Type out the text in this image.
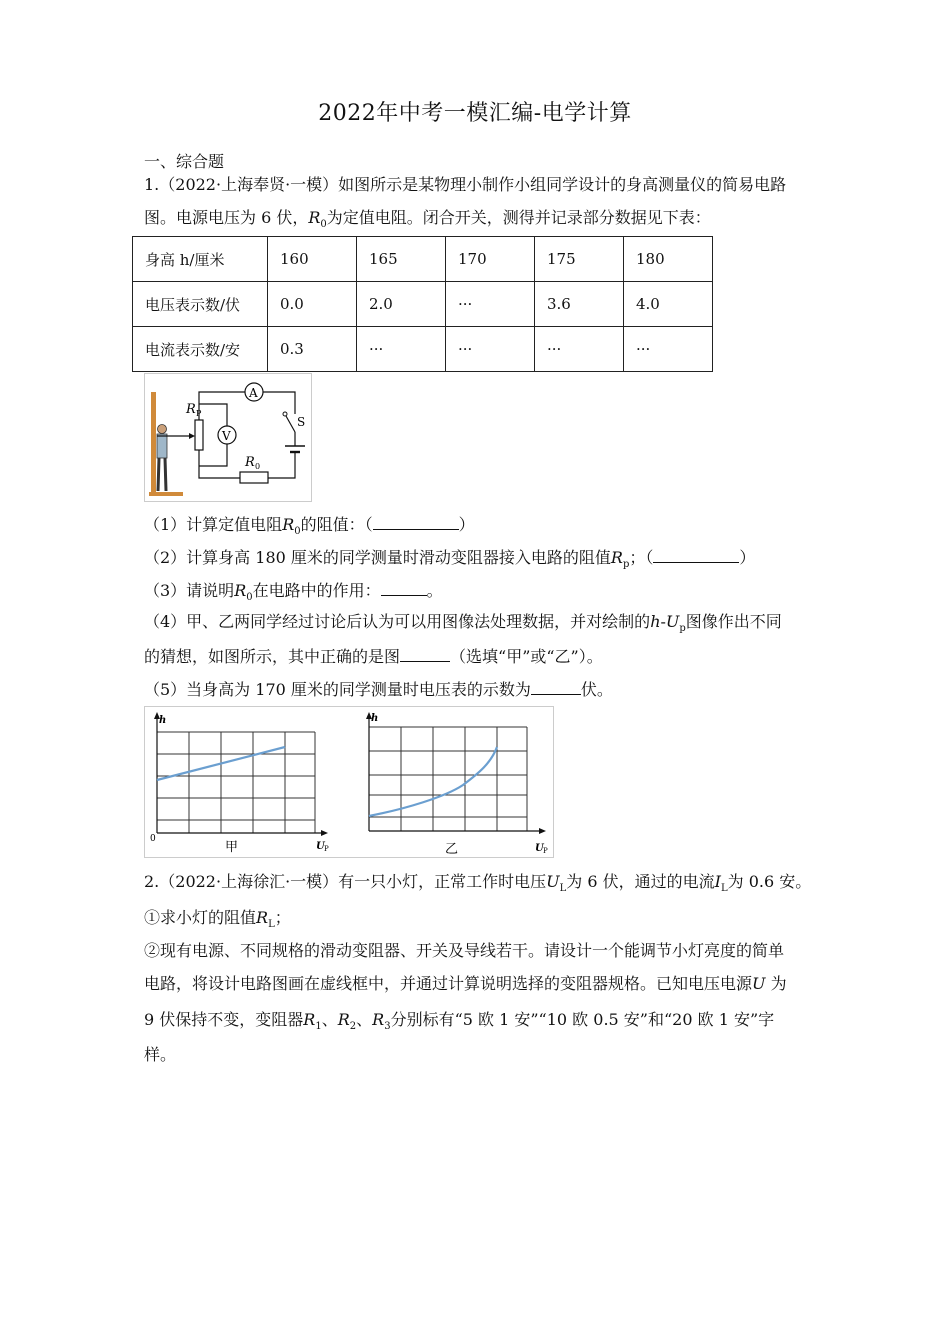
2022年中考一模汇编-电学计算
一、综合题
1.（2022·上海奉贤·一模）如图所示是某物理小制作小组同学设计的身高测量仪的简易电路
图。电源电压为 6 伏，$R_0$为定值电阻。闭合开关，测得并记录部分数据见下表：
身高 h/厘米	160	165	170	175	180
电压表示数/伏	0.0	2.0	···	3.6	4.0
电流表示数/安	0.3	···	···	···	···
R P
V
A
S
R 0
（1）计算定值电阻$R_0$的阻值：（	）
（2）计算身高 180 厘米的同学测量时滑动变阻器接入电路的阻值$R_p$；（	）
（3）请说明$R_0$在电路中的作用：	。
（4）甲、乙两同学经过讨论后认为可以用图像法处理数据，并对绘制的$h-U_p$图像作出不同
的猜想，如图所示，其中正确的是图	（选填“甲”或“乙”）。
（5）当身高为 170 厘米的同学测量时电压表的示数为	伏。
h
0
U P
甲
h
U P
乙
2.（2022·上海徐汇·一模）有一只小灯，正常工作时电压$U_L$为 6 伏，通过的电流$I_L$为 0.6 安。
①求小灯的阻值$R_L$；
②现有电源、不同规格的滑动变阻器、开关及导线若干。请设计一个能调节小灯亮度的简单
电路，将设计电路图画在虚线框中，并通过计算说明选择的变阻器规格。已知电压电源U 为
9 伏保持不变，变阻器$R_1$、$R_2$、$R_3$分别标有“5 欧 1 安”“10 欧 0.5 安”和“20 欧 1 安”字
样。
